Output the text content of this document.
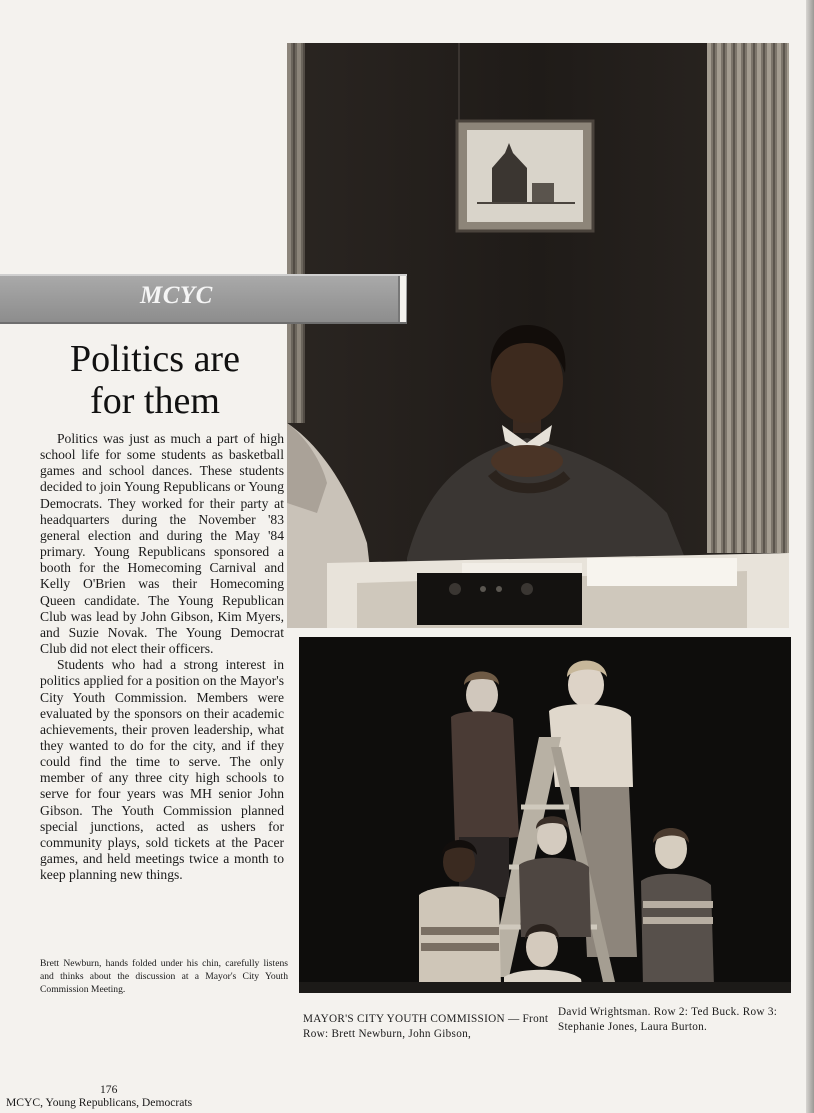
MCYC
Politics are
for them

Politics was just as much a part of high school life for some students as basketball games and school dances. These students decided to join Young Republicans or Young Democrats. They worked for their party at headquarters during the November '83 general election and during the May '84 primary. Young Republicans sponsored a booth for the Homecoming Carnival and Kelly O'Brien was their Homecoming Queen candidate. The Young Republican Club was lead by John Gibson, Kim Myers, and Suzie Novak. The Young Democrat Club did not elect their officers.

Students who had a strong interest in politics applied for a position on the Mayor's City Youth Commission. Members were evaluated by the sponsors on their academic achievements, their proven leadership, what they wanted to do for the city, and if they could find the time to serve. The only member of any three city high schools to serve for four years was MH senior John Gibson. The Youth Commission planned special junctions, acted as ushers for community plays, sold tickets at the Pacer games, and held meetings twice a month to keep planning new things.

Brett Newburn, hands folded under his chin, carefully listens and thinks about the discussion at a Mayor's City Youth Commission Meeting.
MAYOR'S CITY YOUTH COMMISSION — Front Row: Brett Newburn, John Gibson,
David Wrightsman. Row 2: Ted Buck. Row 3: Stephanie Jones, Laura Burton.
176
MCYC, Young Republicans, Democrats
